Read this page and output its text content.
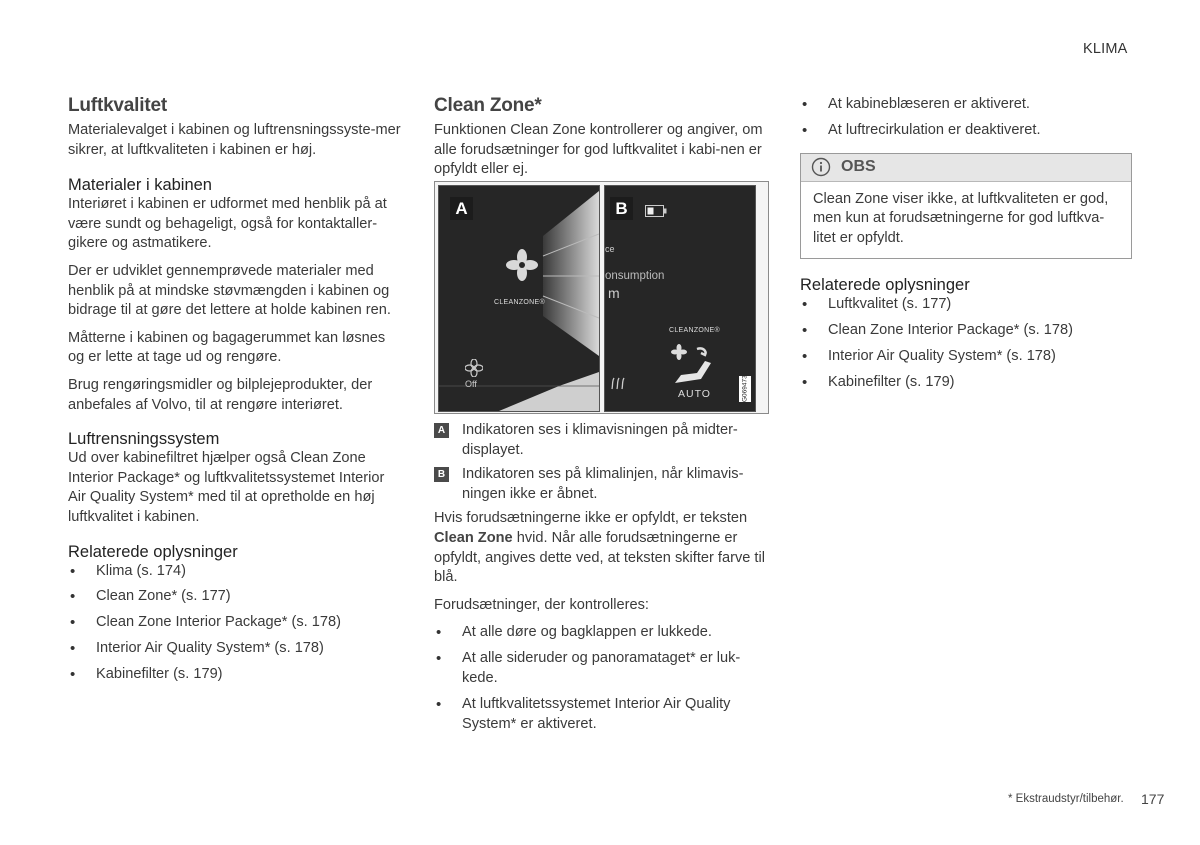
KLIMA
Luftkvalitet

Materialevalget i kabinen og luftrensningssyste-mer sikrer, at luftkvaliteten i kabinen er høj.

Materialer i kabinen

Interiøret i kabinen er udformet med henblik på at være sundt og behageligt, også for kontaktaller-gikere og astmatikere.

Der er udviklet gennemprøvede materialer med henblik på at mindske støvmængden i kabinen og bidrage til at gøre det lettere at holde kabinen ren.

Måtterne i kabinen og bagagerummet kan løsnes og er lette at tage ud og rengøre.

Brug rengøringsmidler og bilplejeprodukter, der anbefales af Volvo, til at rengøre interiøret.

Luftrensningssystem

Ud over kabinefiltret hjælper også Clean Zone Interior Package* og luftkvalitetssystemet Interior Air Quality System* med til at opretholde en høj luftkvalitet i kabinen.

Relaterede oplysninger
• Klima (s. 174)
• Clean Zone* (s. 177)
• Clean Zone Interior Package* (s. 178)
• Interior Air Quality System* (s. 178)
• Kabinefilter (s. 179)
Clean Zone*

Funktionen Clean Zone kontrollerer og angiver, om alle forudsætninger for god luftkvalitet i kabi-nen er opfyldt eller ej.

A
CLEANZONE®
Off
B
ce
onsumption
m
CLEANZONE®
AUTO	G069473
A Indikatoren ses i klimavisningen på midter-displayet.
B Indikatoren ses på klimalinjen, når klimavis-ningen ikke er åbnet.

Hvis forudsætningerne ikke er opfyldt, er teksten Clean Zone hvid. Når alle forudsætningerne er opfyldt, angives dette ved, at teksten skifter farve til blå.

Forudsætninger, der kontrolleres:

• At alle døre og bagklappen er lukkede.
• At alle sideruder og panoramataget* er luk-kede.
• At luftkvalitetssystemet Interior Air Quality System* er aktiveret.
• At kabineblæseren er aktiveret.
• At luftrecirkulation er deaktiveret.
OBS
Clean Zone viser ikke, at luftkvaliteten er god, men kun at forudsætningerne for god luftkva-litet er opfyldt.
Relaterede oplysninger
• Luftkvalitet (s. 177)
• Clean Zone Interior Package* (s. 178)
• Interior Air Quality System* (s. 178)
• Kabinefilter (s. 179)
* Ekstraudstyr/tilbehør. 177
